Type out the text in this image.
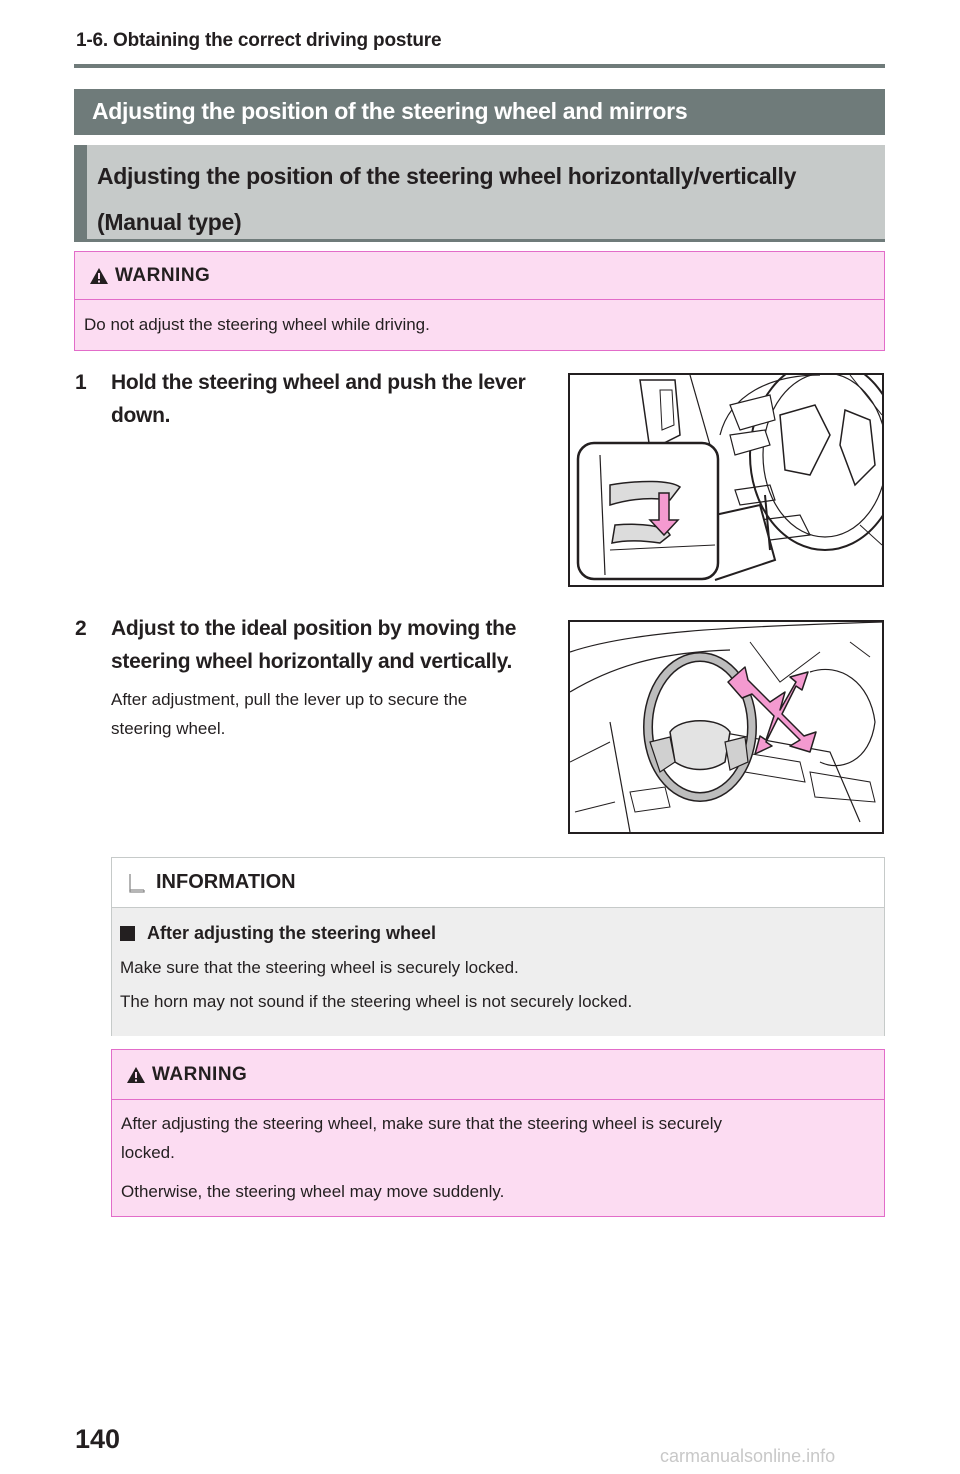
1-6. Obtaining the correct driving posture
Adjusting the position of the steering wheel and mirrors
Adjusting the position of the steering wheel horizontally/vertically
(Manual type)
WARNING
Do not adjust the steering wheel while driving.
1 Hold the steering wheel and push the lever
down.
2 Adjust to the ideal position by moving the
steering wheel horizontally and vertically.
After adjustment, pull the lever up to secure the
steering wheel.
INFORMATION
After adjusting the steering wheel
Make sure that the steering wheel is securely locked.
The horn may not sound if the steering wheel is not securely locked.
WARNING
After adjusting the steering wheel, make sure that the steering wheel is securely
locked.
Otherwise, the steering wheel may move suddenly.
140
carmanualsonline.info
